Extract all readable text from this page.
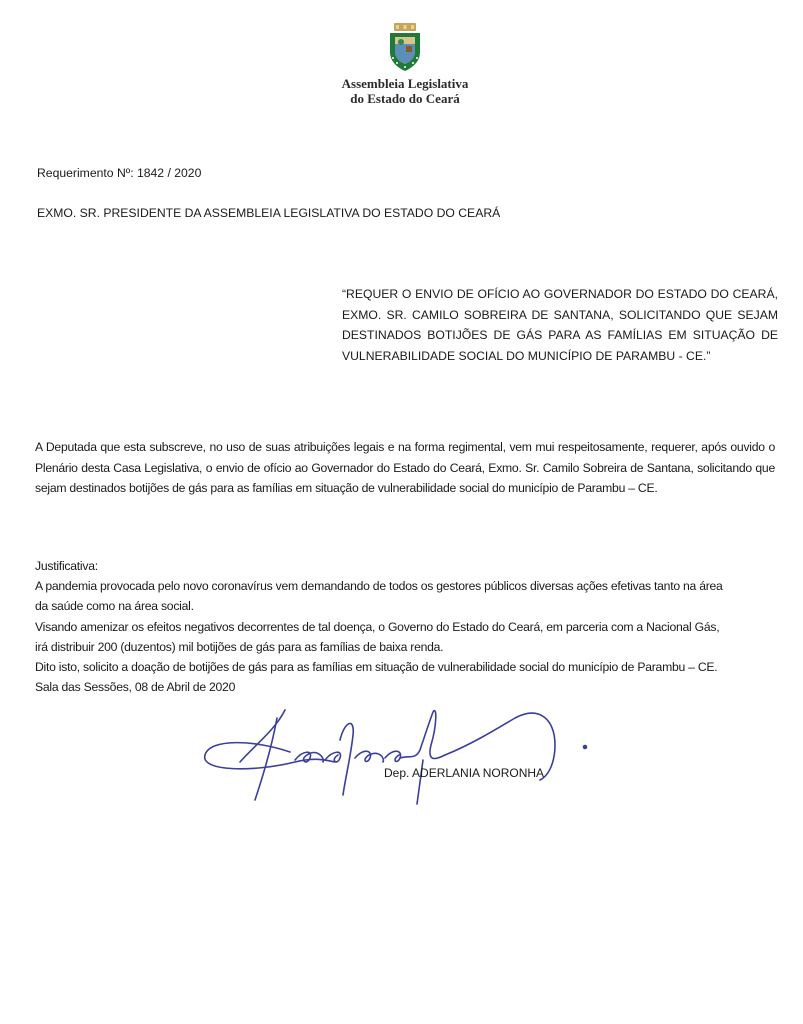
Assembleia Legislativa
do Estado do Ceará
Requerimento Nº: 1842 / 2020
EXMO. SR. PRESIDENTE DA ASSEMBLEIA LEGISLATIVA DO ESTADO DO CEARÁ
“REQUER O ENVIO DE OFÍCIO AO GOVERNADOR DO ESTADO DO CEARÁ, EXMO. SR. CAMILO SOBREIRA DE SANTANA, SOLICITANDO QUE SEJAM DESTINADOS BOTIJÕES DE GÁS PARA AS FAMÍLIAS EM SITUAÇÃO DE VULNERABILIDADE SOCIAL DO MUNICÍPIO DE PARAMBU - CE.”
A Deputada que esta subscreve, no uso de suas atribuições legais e na forma regimental, vem mui respeitosamente, requerer, após ouvido o Plenário desta Casa Legislativa, o envio de ofício ao Governador do Estado do Ceará, Exmo. Sr. Camilo Sobreira de Santana, solicitando que sejam destinados botijões de gás para as famílias em situação de vulnerabilidade social do município de Parambu – CE.
Justificativa:
A pandemia provocada pelo novo coronavírus vem demandando de todos os gestores públicos diversas ações efetivas tanto na área
da saúde como na área social.
Visando amenizar os efeitos negativos decorrentes de tal doença, o Governo do Estado do Ceará, em parceria com a Nacional Gás,
irá distribuir 200 (duzentos) mil botijões de gás para as famílias de baixa renda.
Dito isto, solicito a doação de botijões de gás para as famílias em situação de vulnerabilidade social do município de Parambu – CE.
Sala das Sessões, 08 de Abril de 2020
Dep. ADERLANIA NORONHA
